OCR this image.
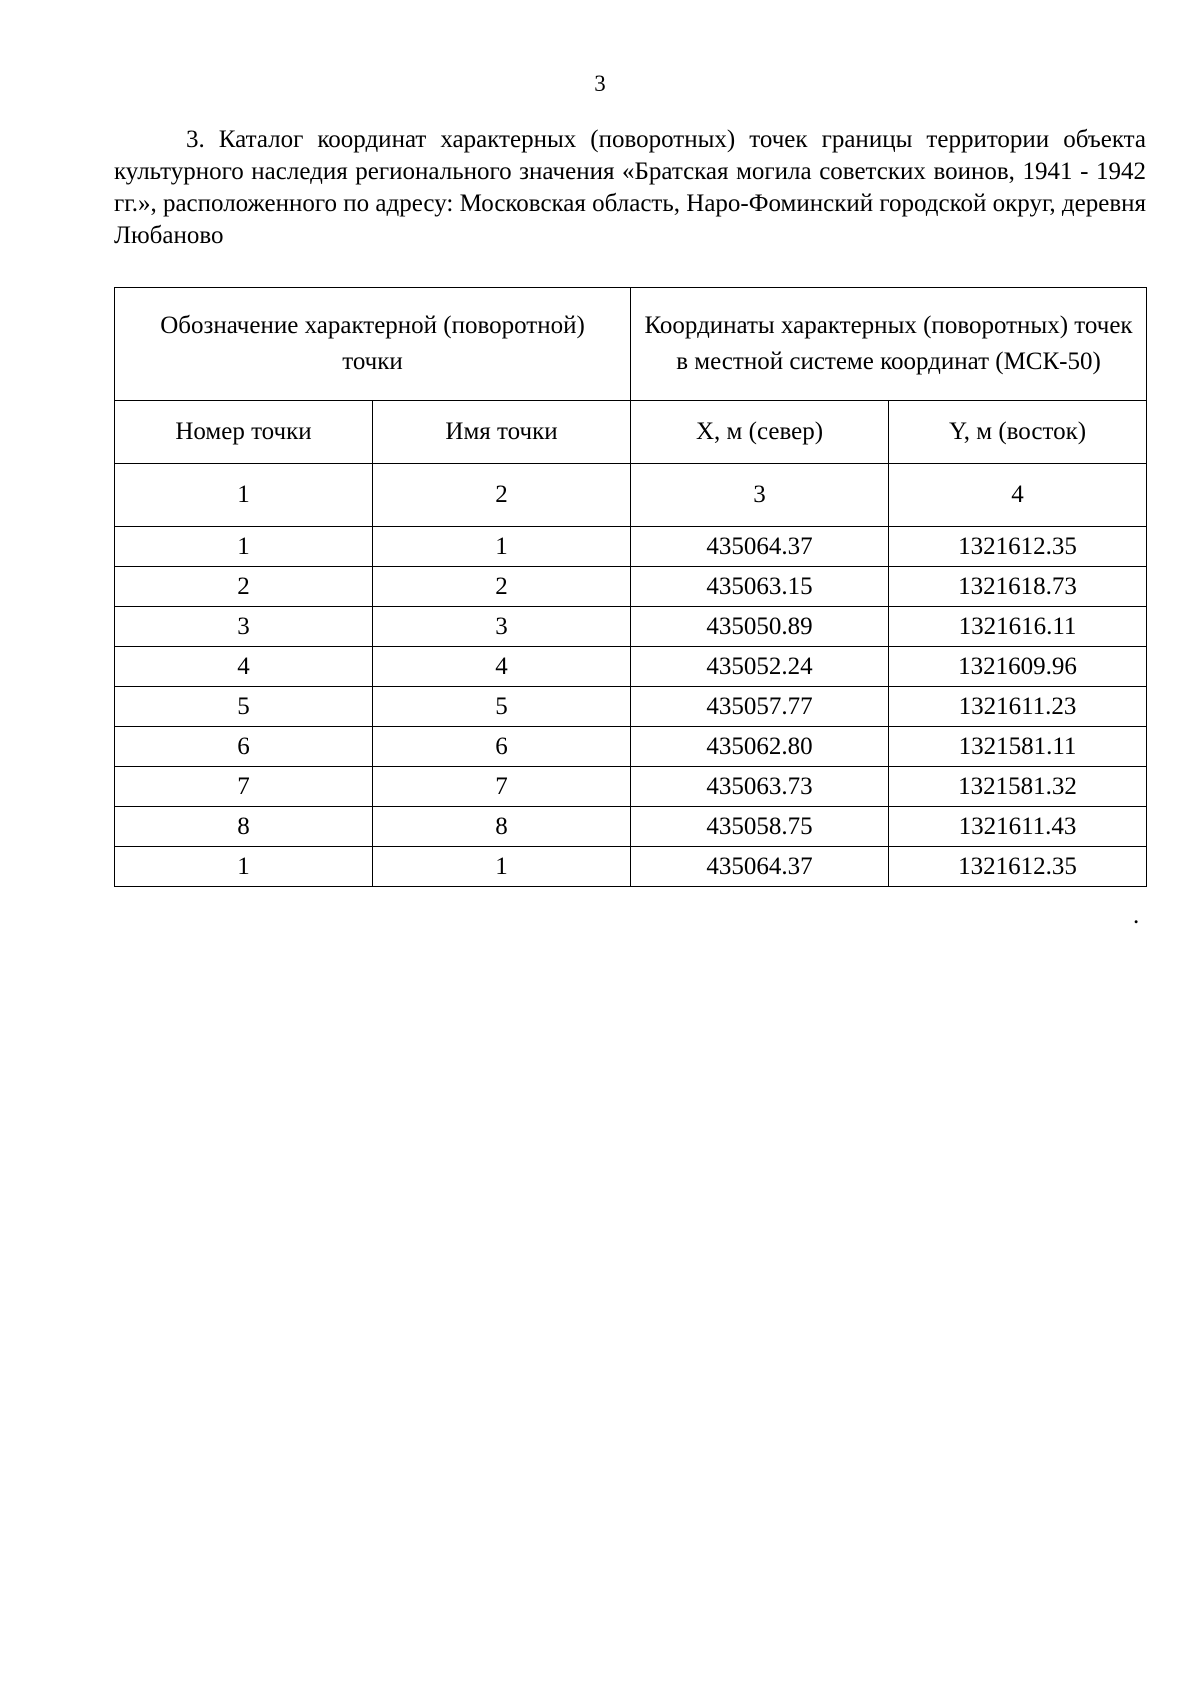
3

3. Каталог координат характерных (поворотных) точек границы территории объекта культурного наследия регионального значения «Братская могила советских воинов, 1941 - 1942 гг.», расположенного по адресу: Московская область, Наро-Фоминский городской округ, деревня Любаново

Обозначение характерной (поворотной) точки		Координаты характерных (поворотных) точек в местной системе координат (МСК-50)	
Номер точки	Имя точки	X, м (север)	Y, м (восток)
1	2	3	4
1	1	435064.37	1321612.35
2	2	435063.15	1321618.73
3	3	435050.89	1321616.11
4	4	435052.24	1321609.96
5	5	435057.77	1321611.23
6	6	435062.80	1321581.11
7	7	435063.73	1321581.32
8	8	435058.75	1321611.43
1	1	435064.37	1321612.35
.
